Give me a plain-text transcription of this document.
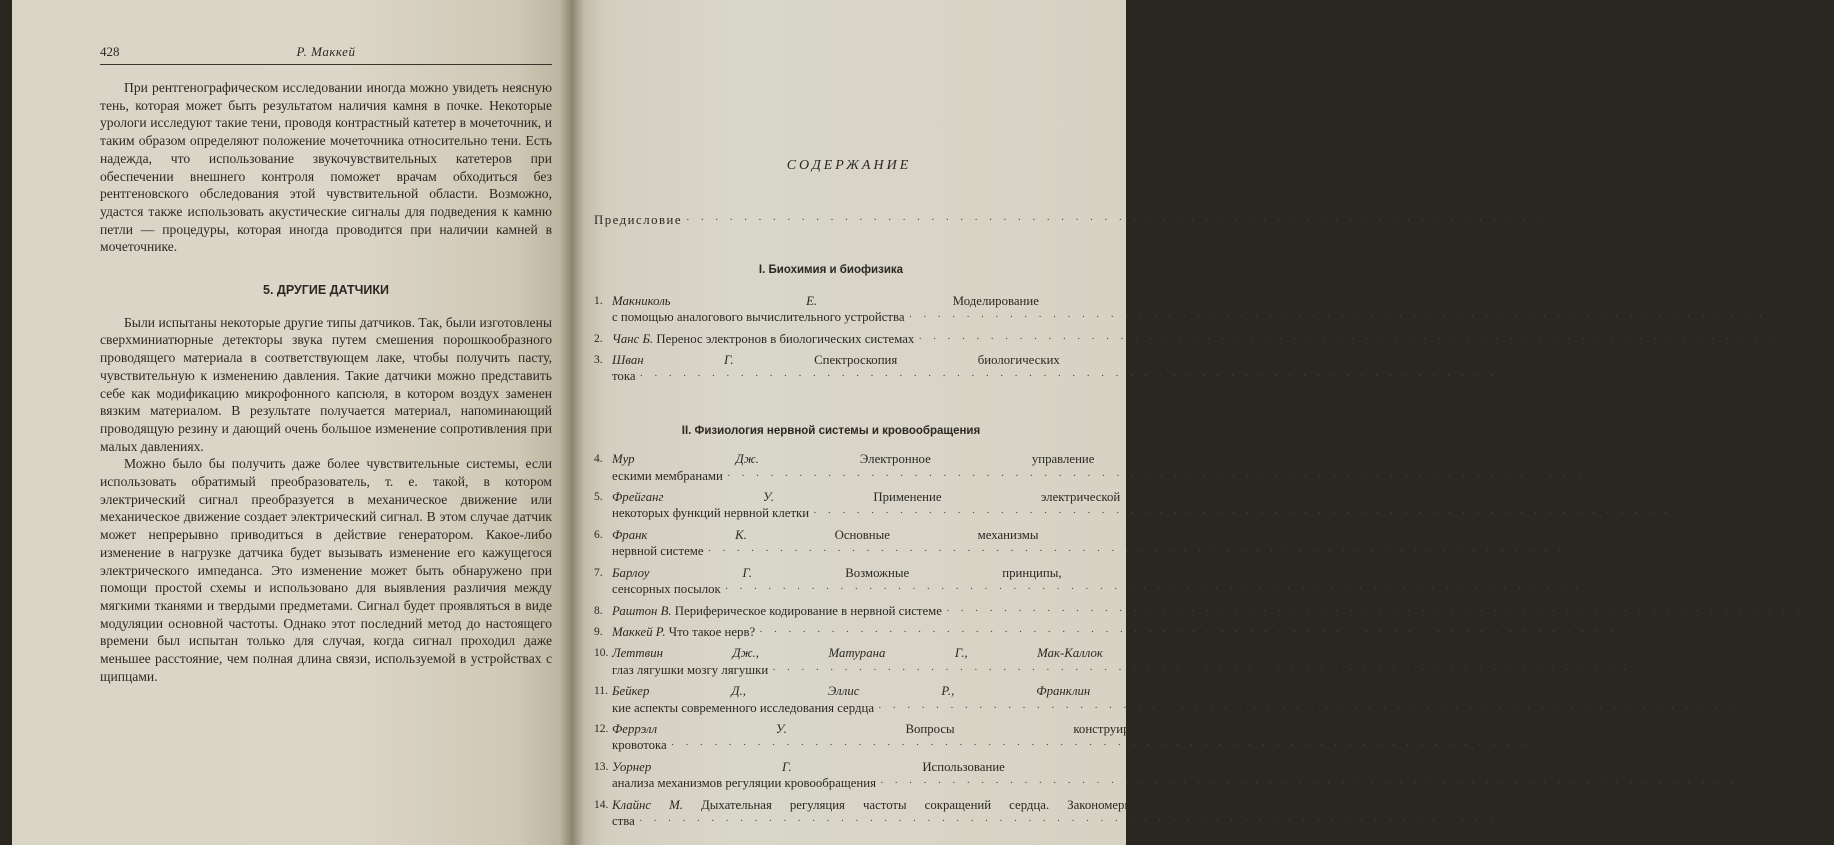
428	Р. Маккей

При рентгенографическом исследовании иногда можно увидеть неясную тень, которая может быть результатом наличия камня в почке. Некоторые урологи исследуют такие тени, проводя контрастный катетер в мочеточник, и таким образом определяют положение мочеточника относительно тени. Есть надежда, что использование звукочувствительных катетеров при обеспечении внешнего контроля поможет врачам обходиться без рентгеновского обследования этой чувствительной области. Возможно, удастся также использовать акустические сигналы для подведения к камню петли — процедуры, которая иногда проводится при наличии камней в мочеточнике.

5. ДРУГИЕ ДАТЧИКИ

Были испытаны некоторые другие типы датчиков. Так, были изготовлены сверхминиатюрные детекторы звука путем смешения порошкообразного проводящего материала в соответствующем лаке, чтобы получить пасту, чувствительную к изменению давления. Такие датчики можно представить себе как модификацию микрофонного капсюля, в котором воздух заменен вязким материалом. В результате получается материал, напоминающий проводящую резину и дающий очень большое изменение сопротивления при малых давлениях.

Можно было бы получить даже более чувствительные системы, если использовать обратимый преобразователь, т. е. такой, в котором электрический сигнал преобразуется в механическое движение или механическое движение создает электрический сигнал. В этом случае датчик может непрерывно приводиться в действие генератором. Какое-либо изменение в нагрузке датчика будет вызывать изменение его кажущегося электрического импеданса. Это изменение может быть обнаружено при помощи простой схемы и использовано для выявления различия между мягкими тканями и твердыми предметами. Сигнал будет проявляться в виде модуляции основной частоты. Однако этот последний метод до настоящего времени был испытан только для случая, когда сигнал проходил даже меньшее расстояние, чем полная длина связи, используемой в устройствах с щипцами.

СОДЕРЖАНИЕ
Предисловие · · ·	5
I. Биохимия и биофизика
1. Макниколь Е.	Моделирование систем цепных бимолекулярных реакций
с помощью аналогового вычислительного устройства · · ·	11
2. Чанс Б. Перенос электронов в биологических системах · · ·	24
3. Шван Г.	Спектроскопия биологических веществ в поле переменного
тока · · ·	71
II. Физиология нервной системы и кровообращения
4. Мур Дж.	Электронное управление некоторыми активными биологическими
ескими мембранами · · ·	109
5. Фрейганг У.	Применение электрической эквивалентной схемы для изучения
некоторых функций нервной клетки · · ·	140
6. Франк К.	Основные механизмы синаптической передачи в центральной
нервной системе · · ·	157
7. Барлоу Г.	Возможные принципы, лежащие в основе преобразования
сенсорных посылок · · ·	166
8. Раштон В. Периферическое кодирование в нервной системе · · ·	187
9. Маккей Р. Что такое нерв? · · ·	202
10. Леттвин Дж., Матурана Г., Мак-Каллок У. и Питтс У.	Что сообщает
глаз лягушки мозгу лягушки · · ·	211
11. Бейкер Д., Эллис Р., Франклин Д. и Рашмер Р.	Некоторые техничес-
кие аспекты современного исследования сердца · · ·	240
12. Феррэлл У.	Вопросы конструирования ультразвуковых измерителей
кровотока · · ·	259
13. Уорнер Г.	Использование аналогового вычислительного устройства для
анализа механизмов регуляции кровообращения · · ·	270
14. Клайнс М. Дыхательная регуляция частоты сокращений сердца. Закономерности, установленные при помощи моделирующего устрой-
ства · · ·	282
